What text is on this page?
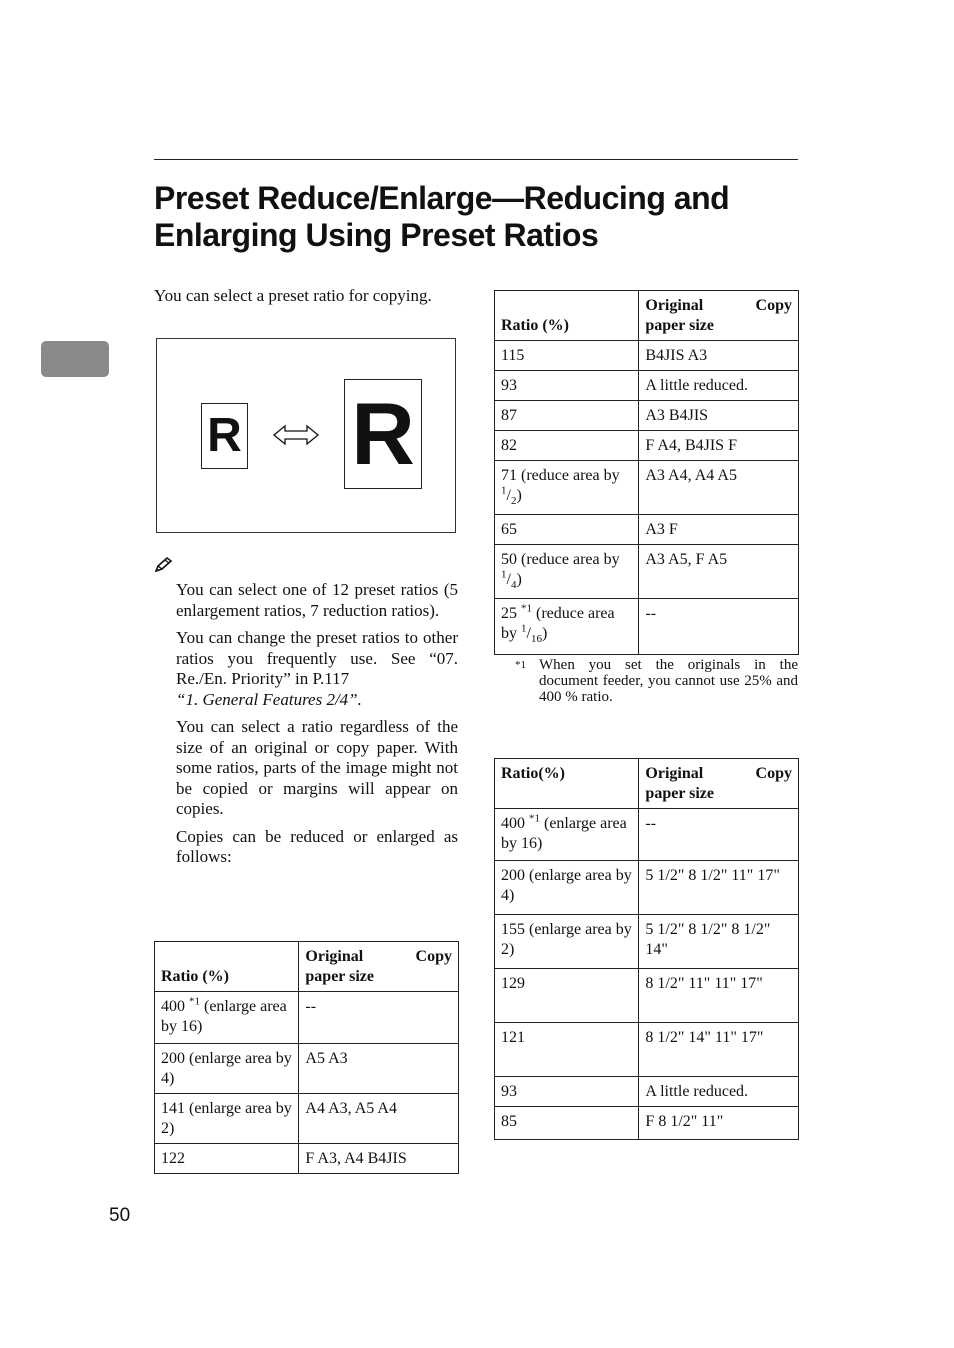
Preset Reduce/Enlarge—Reducing and Enlarging Using Preset Ratios

You can select a preset ratio for copying.

R R
You can select one of 12 preset ratios (5 enlargement ratios, 7 reduction ratios).
You can change the preset ratios to other ratios you frequently use. See “07. Re./En. Priority” in P.117
“1. General Features 2/4”.
You can select a ratio regardless of the size of an original or copy paper. With some ratios, parts of the image might not be copied or margins will appear on copies.
Copies can be reduced or enlarged as follows:
Ratio (%)	Original Copy
paper size

400 $^{*1}$ (enlarge area by 16)	--
200 (enlarge area by 4)	A5 A3
141 (enlarge area by 2)	A4 A3, A5 A4
122	F A3, A4 B4JIS
Ratio (%)	Original Copy
paper size

115	B4JIS A3
93	A little reduced.
87	A3 B4JIS
82	F A4, B4JIS F
71 (reduce area by $^1/_2$)	A3 A4, A4 A5
65	A3 F
50 (reduce area by $^1/_4$)	A3 A5, F A5
25 $^{*1}$ (reduce area by $^1/_{16}$)	--
*1 When you set the originals in the document feeder, you cannot use 25% and 400 % ratio.
Ratio(%)	Original Copy
paper size

400 $^{*1}$ (enlarge area by 16)	--
200 (enlarge area by 4)	5 1/2" 8 1/2" 11" 17"
155 (enlarge area by 2)	5 1/2" 8 1/2" 8 1/2" 14"
129	8 1/2" 11" 11" 17"
121	8 1/2" 14" 11" 17"
93	A little reduced.
85	F 8 1/2" 11"
50
